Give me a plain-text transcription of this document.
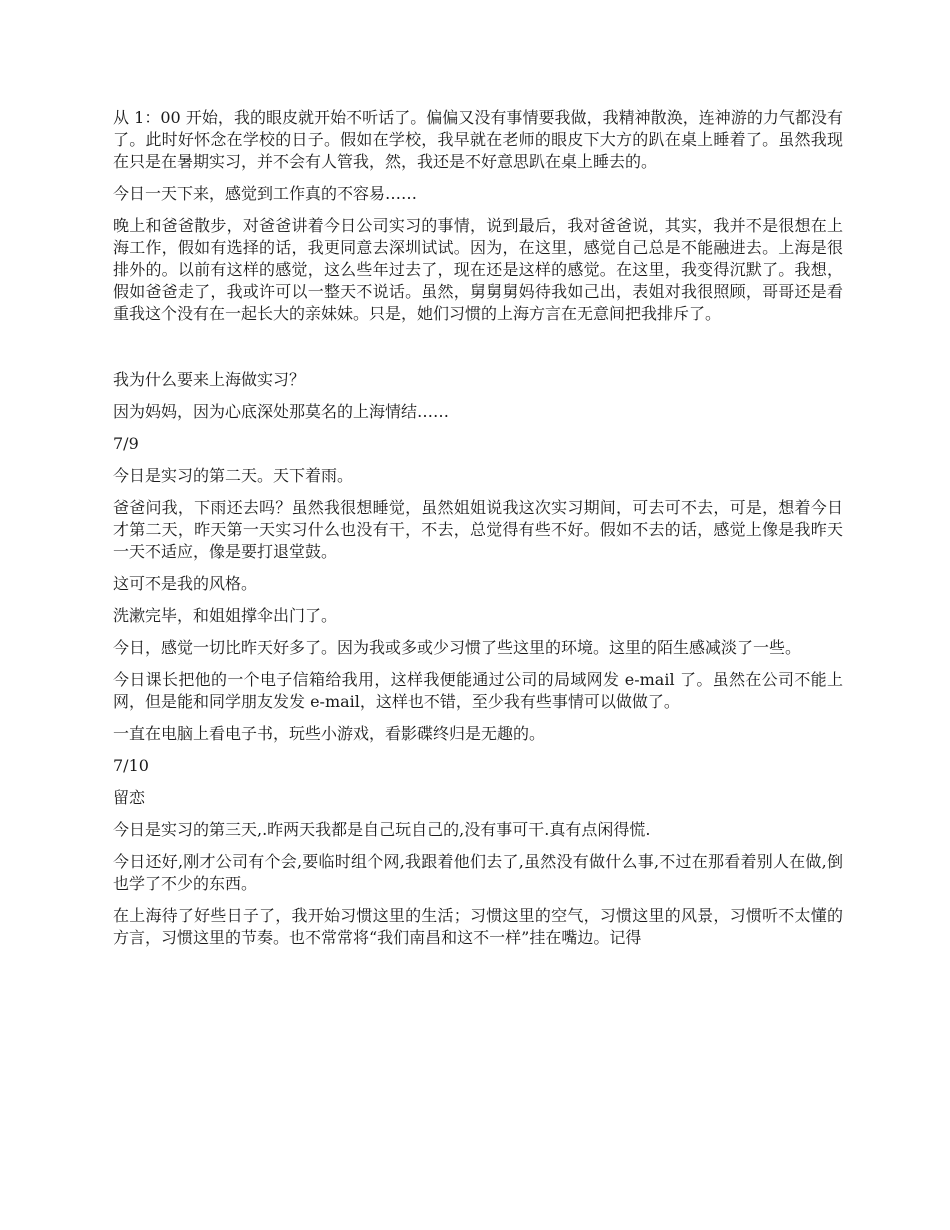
从 1：00 开始，我的眼皮就开始不听话了。偏偏又没有事情要我做，我精神散涣，连神游的力气都没有了。此时好怀念在学校的日子。假如在学校，我早就在老师的眼皮下大方的趴在桌上睡着了。虽然我现在只是在暑期实习，并不会有人管我，然，我还是不好意思趴在桌上睡去的。

今日一天下来，感觉到工作真的不容易……

晚上和爸爸散步，对爸爸讲着今日公司实习的事情，说到最后，我对爸爸说，其实，我并不是很想在上海工作，假如有选择的话，我更同意去深圳试试。因为，在这里，感觉自己总是不能融进去。上海是很排外的。以前有这样的感觉，这么些年过去了，现在还是这样的感觉。在这里，我变得沉默了。我想，假如爸爸走了，我或许可以一整天不说话。虽然，舅舅舅妈待我如己出，表姐对我很照顾，哥哥还是看重我这个没有在一起长大的亲妹妹。只是，她们习惯的上海方言在无意间把我排斥了。

我为什么要来上海做实习？

因为妈妈，因为心底深处那莫名的上海情结……

7/9

今日是实习的第二天。天下着雨。

爸爸问我，下雨还去吗？虽然我很想睡觉，虽然姐姐说我这次实习期间，可去可不去，可是，想着今日才第二天，昨天第一天实习什么也没有干，不去，总觉得有些不好。假如不去的话，感觉上像是我昨天一天不适应，像是要打退堂鼓。

这可不是我的风格。

洗漱完毕，和姐姐撑伞出门了。

今日，感觉一切比昨天好多了。因为我或多或少习惯了些这里的环境。这里的陌生感减淡了一些。

今日课长把他的一个电子信箱给我用，这样我便能通过公司的局域网发 e-mail 了。虽然在公司不能上网，但是能和同学朋友发发 e-mail，这样也不错，至少我有些事情可以做做了。

一直在电脑上看电子书，玩些小游戏，看影碟终归是无趣的。

7/10

留恋

今日是实习的第三天,.昨两天我都是自己玩自己的,没有事可干.真有点闲得慌.

今日还好,刚才公司有个会,要临时组个网,我跟着他们去了,虽然没有做什么事,不过在那看着别人在做,倒也学了不少的东西。

在上海待了好些日子了，我开始习惯这里的生活；习惯这里的空气，习惯这里的风景，习惯听不太懂的方言，习惯这里的节奏。也不常常将“我们南昌和这不一样”挂在嘴边。记得
